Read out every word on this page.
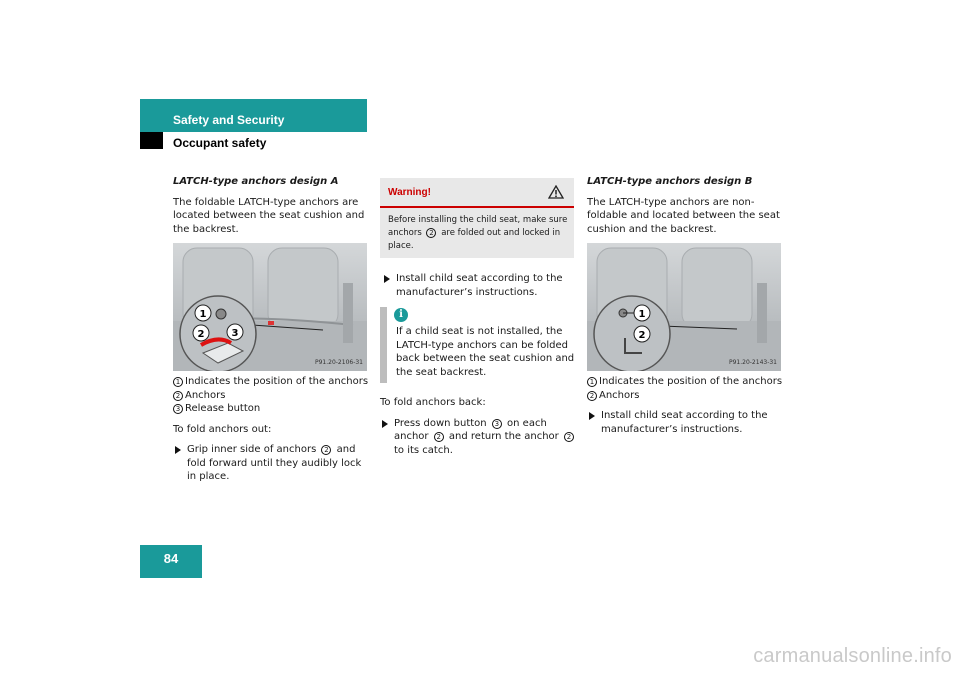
Safety and Security
Occupant safety

LATCH-type anchors design A

The foldable LATCH-type anchors are located between the seat cushion and the backrest.

1
2	3
P91.20-2106-31
1 Indicates the position of the anchors
2 Anchors
3 Release button

To fold anchors out:

Grip inner side of anchors 2 and fold forward until they audibly lock in place.
Warning!
Before installing the child seat, make sure anchors 2 are folded out and locked in place.
Install child seat according to the manufacturer’s instructions.
i
If a child seat is not installed, the LATCH-type anchors can be folded back between the seat cushion and the seat backrest.

To fold anchors back:

Press down button 3 on each anchor 2 and return the anchor 2 to its catch.

LATCH-type anchors design B

The LATCH-type anchors are non-foldable and located between the seat cushion and the backrest.

1
2
P91.20-2143-31
1 Indicates the position of the anchors
2 Anchors
Install child seat according to the manufacturer’s instructions.
84
carmanualsonline.info
